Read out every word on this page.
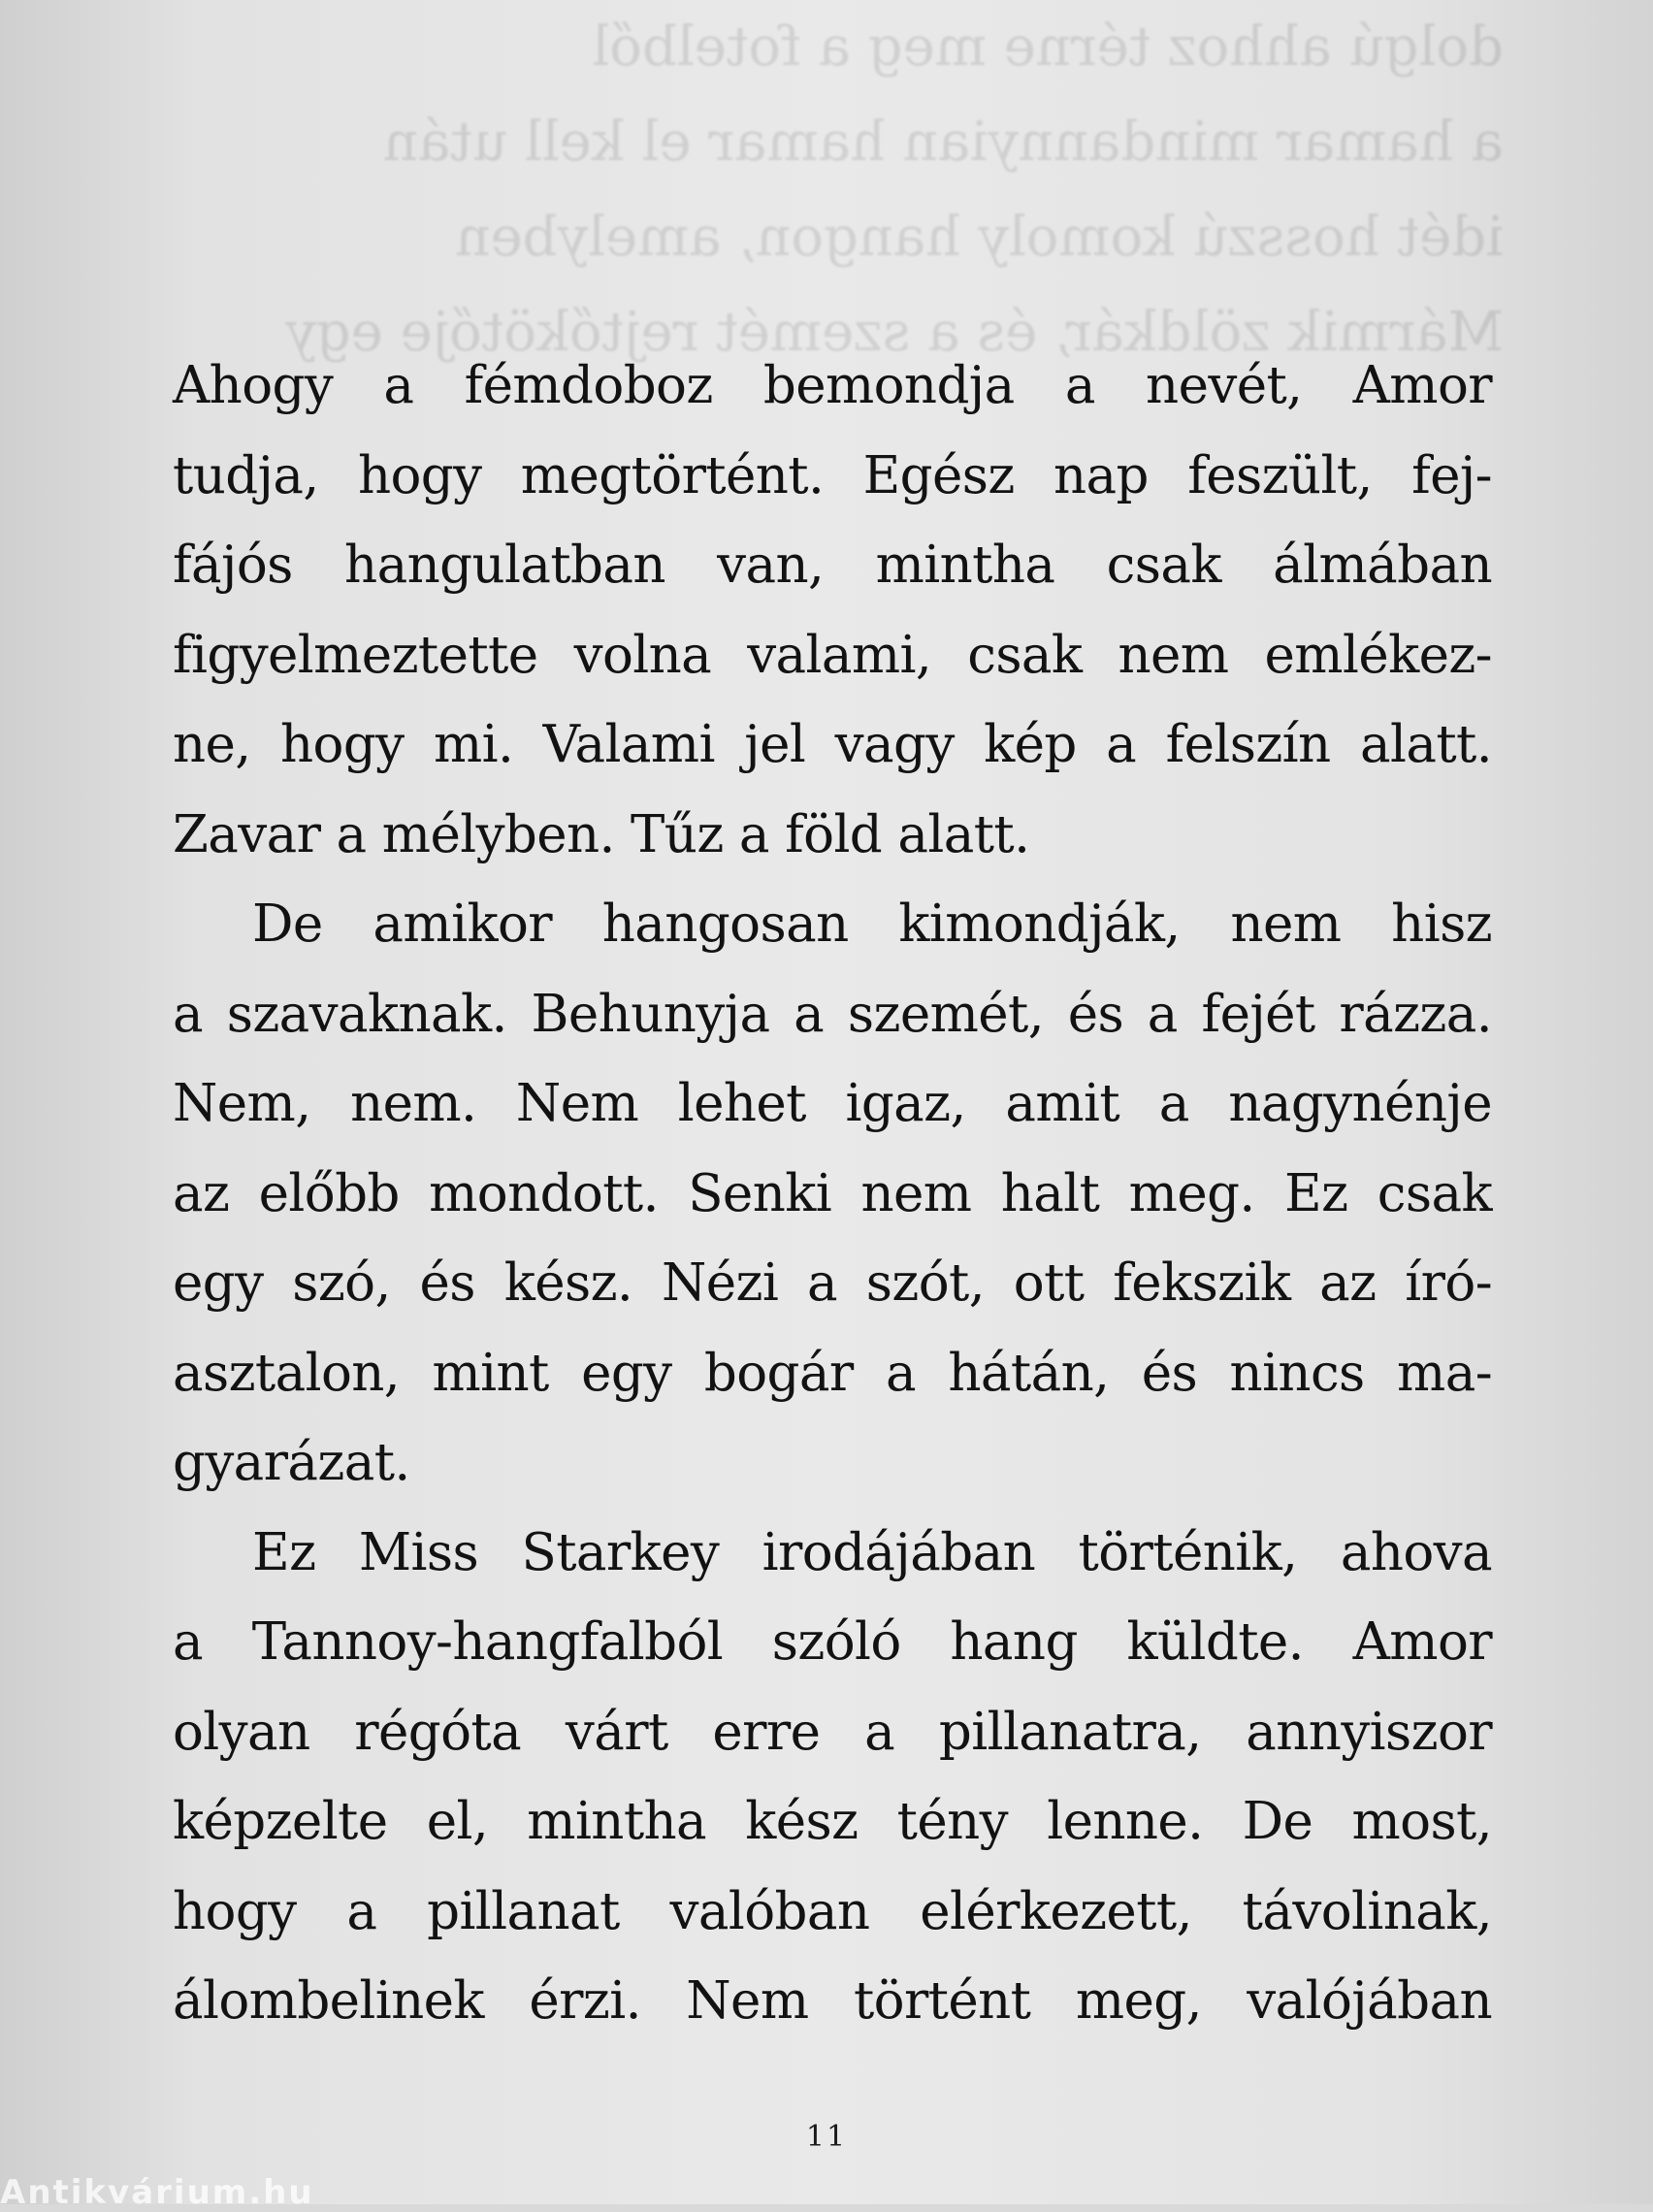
dolgú ahhoz térne meg a fotelből
a hamar mindannyian hamar el kell után
idét hosszú komoly hangon, amelyben
Mármik zöldkár, és a szemét rejtőkötője egy
Ahogy a fémdoboz bemondja a nevét, Amor
tudja, hogy megtörtént. Egész nap feszült, fej-
fájós hangulatban van, mintha csak álmában
figyelmeztette volna valami, csak nem emlékez-
ne, hogy mi. Valami jel vagy kép a felszín alatt.
Zavar a mélyben. Tűz a föld alatt.
De amikor hangosan kimondják, nem hisz
a szavaknak. Behunyja a szemét, és a fejét rázza.
Nem, nem. Nem lehet igaz, amit a nagynénje
az előbb mondott. Senki nem halt meg. Ez csak
egy szó, és kész. Nézi a szót, ott fekszik az író-
asztalon, mint egy bogár a hátán, és nincs ma-
gyarázat.
Ez Miss Starkey irodájában történik, ahova
a Tannoy-hangfalból szóló hang küldte. Amor
olyan régóta várt erre a pillanatra, annyiszor
képzelte el, mintha kész tény lenne. De most,
hogy a pillanat valóban elérkezett, távolinak,
álombelinek érzi. Nem történt meg, valójában
11
Antikvárium.hu
